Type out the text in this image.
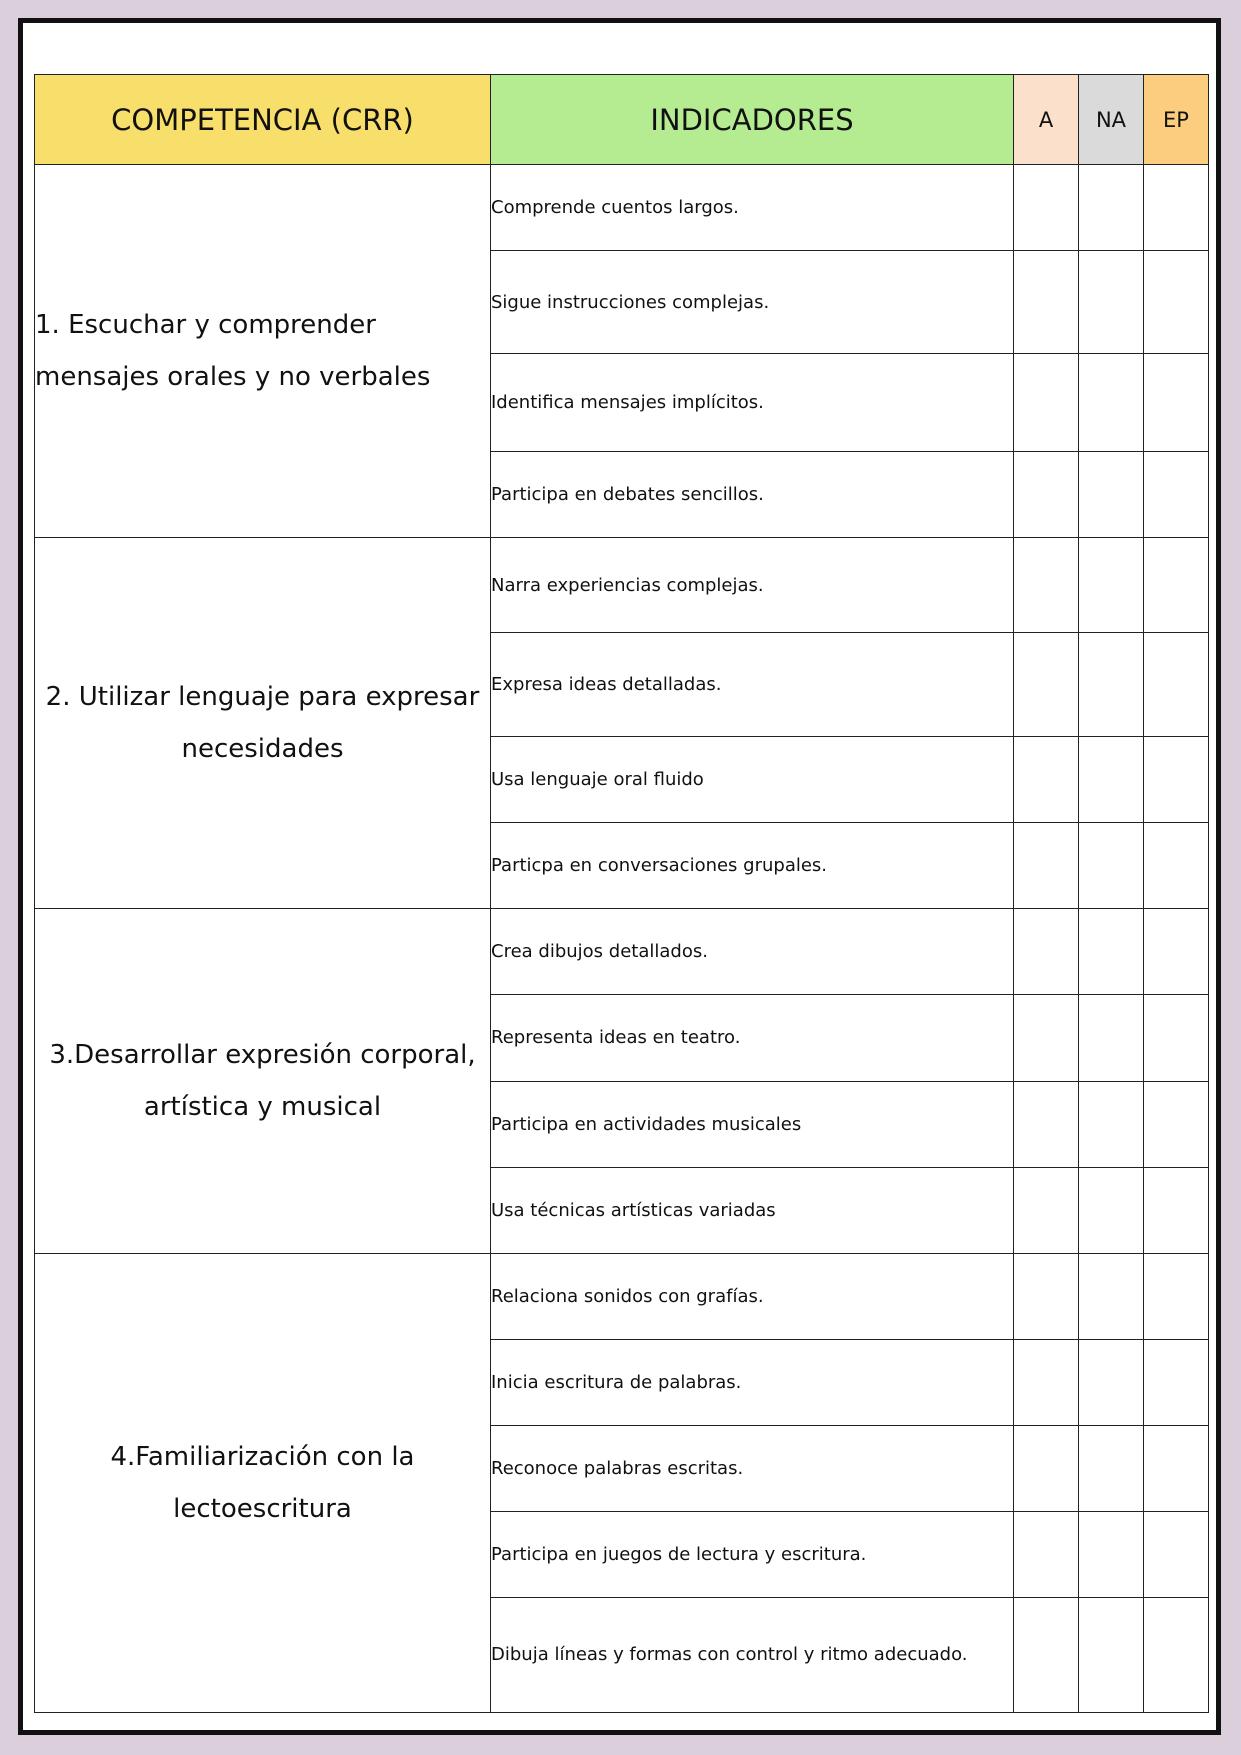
COMPETENCIA (CRR)	INDICADORES	A	NA	EP
1. Escuchar y comprender mensajes orales y no verbales	Comprende cuentos largos.			
	Sigue instrucciones complejas.			
	Identifica mensajes implícitos.			
	Participa en debates sencillos.			
2. Utilizar lenguaje para expresar necesidades	Narra experiencias complejas.			
	Expresa ideas detalladas.			
	Usa lenguaje oral fluido			
	Particpa en conversaciones grupales.			
3.Desarrollar expresión corporal, artística y musical	Crea dibujos detallados.			
	Representa ideas en teatro.			
	Participa en actividades musicales			
	Usa técnicas artísticas variadas			
4.Familiarización con la lectoescritura	Relaciona sonidos con grafías.			
	Inicia escritura de palabras.			
	Reconoce palabras escritas.			
	Participa en juegos de lectura y escritura.			
	Dibuja líneas y formas con control y ritmo adecuado.			
